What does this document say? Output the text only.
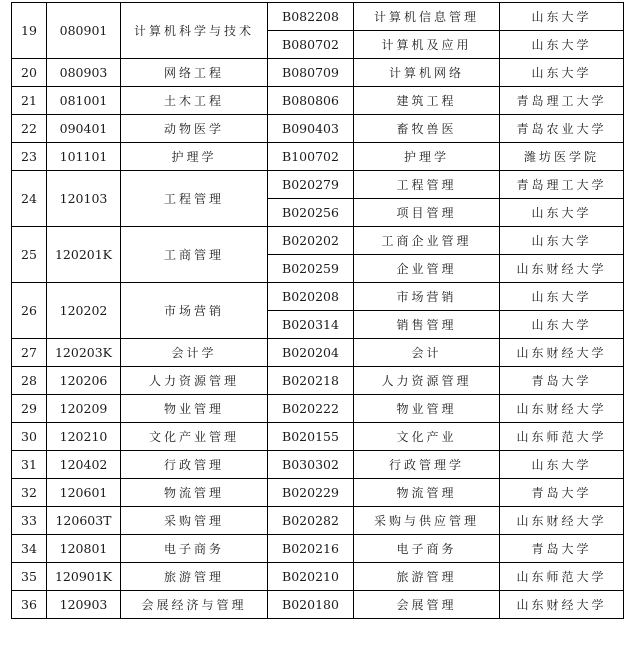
19	080901	计算机科学与技术	B082208	计算机信息管理	山东大学
			B080702	计算机及应用	山东大学
20	080903	网络工程	B080709	计算机网络	山东大学
21	081001	土木工程	B080806	建筑工程	青岛理工大学
22	090401	动物医学	B090403	畜牧兽医	青岛农业大学
23	101101	护理学	B100702	护理学	潍坊医学院
24	120103	工程管理	B020279	工程管理	青岛理工大学
			B020256	项目管理	山东大学
25	120201K	工商管理	B020202	工商企业管理	山东大学
			B020259	企业管理	山东财经大学
26	120202	市场营销	B020208	市场营销	山东大学
			B020314	销售管理	山东大学
27	120203K	会计学	B020204	会计	山东财经大学
28	120206	人力资源管理	B020218	人力资源管理	青岛大学
29	120209	物业管理	B020222	物业管理	山东财经大学
30	120210	文化产业管理	B020155	文化产业	山东师范大学
31	120402	行政管理	B030302	行政管理学	山东大学
32	120601	物流管理	B020229	物流管理	青岛大学
33	120603T	采购管理	B020282	采购与供应管理	山东财经大学
34	120801	电子商务	B020216	电子商务	青岛大学
35	120901K	旅游管理	B020210	旅游管理	山东师范大学
36	120903	会展经济与管理	B020180	会展管理	山东财经大学
